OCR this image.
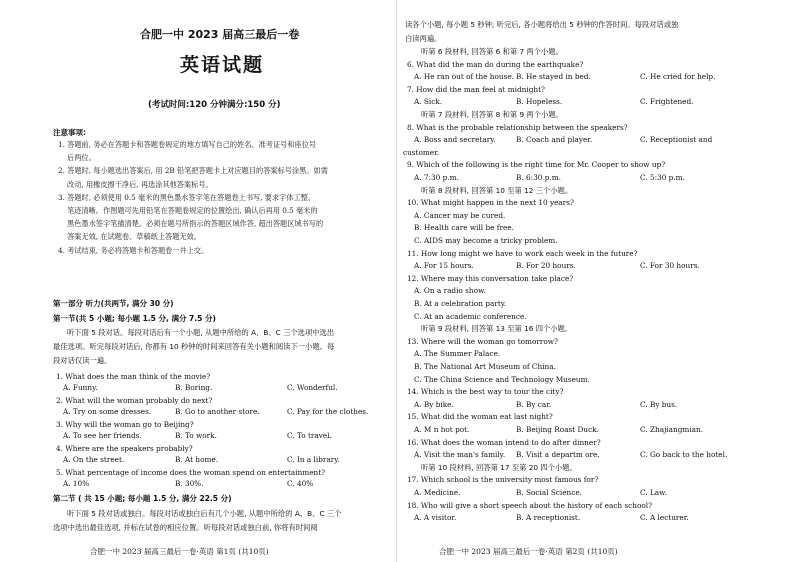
合肥一中 2023 届高三最后一卷
英语试题
(考试时间:120 分钟满分:150 分)
注意事项:
1. 答题前, 务必在答题卡和答题卷规定的地方填写自己的姓名、准考证号和座位号
后两位。
2. 答题时, 每小题选出答案后, 用 2B 铅笔把答题卡上对应题目的答案标号涂黑。如需
改动, 用橡皮擦干净后, 再选涂其他答案标号。
3. 答题时, 必须使用 0.5 毫米的黑色墨水签字笔在答题卷上书写, 要求字体工整、
笔迹清晰。作图题可先用铅笔在答题卷规定的位置绘出, 确认后再用 0.5 毫米的
黑色墨水签字笔描清楚。必须在题号所指示的答题区域作答, 超出答题区域书写的
答案无效, 在试题卷、草稿纸上答题无效。
4. 考试结束, 务必将答题卡和答题卷一并上交。
第一部分 听力(共两节, 满分 30 分)
第一节(共 5 小题; 每小题 1.5 分, 满分 7.5 分)
听下面 5 段对话。每段对话后有一个小题, 从题中所给的 A、B、C 三个选项中选出
最佳选项。听完每段对话后, 你都有 10 秒钟的时间来回答有关小题和阅读下一小题。每
段对话仅读一遍。
1. What does the man think of the movie?
A. Funny.	B. Boring.	C. Wonderful.
2. What will the woman probably do next?
A. Try on some dresses.	B. Go to another store.	C. Pay for the clothes.
3. Why will the woman go to Beijing?
A. To see her friends.	B. To work.	C. To travel.
4. Where are the speakers probably?
A. On the street.	B. At home.	C. In a library.
5. What percentage of income does the woman spend on entertainment?
A. 10%	B. 30%.	C. 40%
第二节 ( 共 15 小题; 每小题 1.5 分, 满分 22.5 分)
听下面 5 段对话或独白。每段对话或独白后有几个小题, 从题中所给的 A、B、C 三个
选项中选出最佳选项, 并标在试卷的相应位置。听每段对话或独白前, 你将有时间阅
合肥一中 2023 届高三最后一卷·英语 第1页 (共10页)
读各个小题, 每小题 5 秒钟; 听完后, 各小题将给出 5 秒钟的作答时间。每段对话或独
白读两遍。
听第 6 段材料, 回答第 6 和第 7 两个小题。
6. What did the man do during the earthquake?
A. He ran out of the house. B. He stayed in bed.	C. He cried for help.
7. How did the man feel at midnight?
A. Sick.	B. Hopeless.	C. Frightened.
听第 7 段材料, 回答第 8 和第 9 两个小题。
8. What is the probable relationship between the speakers?
A. Boss and secretary.	B. Coach and player.	C. Receptionist and
customer.
9. Which of the following is the right time for Mr. Cooper to show up?
A. 7:30 p.m.	B. 6:30 p.m.	C. 5:30 p.m.
听第 8 段材料, 回答第 10 至第 12 三个小题。
10. What might happen in the next 10 years?
A. Cancer may be cured.
B. Health care will be free.
C. AIDS may become a tricky problem.
11. How long might we have to work each week in the future?
A. For 15 hours.	B. For 20 hours.	C. For 30 hours.
12. Where may this conversation take place?
A. On a radio show.
B. At a celebration party.
C. At an academic conference.
听第 9 段材料, 回答第 13 至第 16 四个小题。
13. Where will the woman go tomorrow?
A. The Summer Palace.
B. The National Art Museum of China.
C. The China Science and Technology Museum.
14. Which is the best way to tour the city?
A. By bike.	B. By car.	C. By bus.
15. What did the woman eat last night?
A. M n hot pot.	B. Beijing Roast Duck.	C. Zhajiangmian.
16. What does the woman intend to do after dinner?
A. Visit the man's family. B. Visit a departm ore.	C. Go back to the hotel.
听第 10 段材料, 回答第 17 至第 20 四个小题。
17. Which school is the university most famous for?
A. Medicine.	B. Social Science.	C. Law.
18. Who will give a short speech about the history of each school?
A. A visitor.	B. A receptionist.	C. A lecturer.
合肥一中 2023 届高三最后一卷·英语 第2页 (共10页)
